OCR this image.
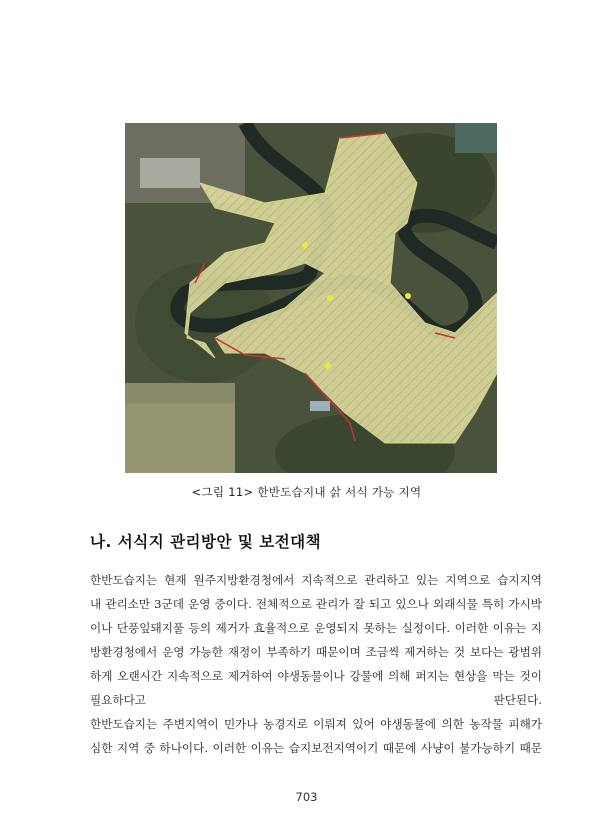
<그림 11> 한반도습지내 삵 서식 가능 지역
나. 서식지 관리방안 및 보전대책

한반도습지는 현재 원주지방환경청에서 지속적으로 관리하고 있는 지역으로 습지지역
내 관리소만 3군데 운영 중이다. 전체적으로 관리가 잘 되고 있으나 외래식물 특히 가시박
이나 단풍잎돼지풀 등의 제거가 효율적으로 운영되지 못하는 실정이다. 이러한 이유는 지
방환경청에서 운영 가능한 재정이 부족하기 때문이며 조금씩 제거하는 것 보다는 광범위
하게 오랜시간 지속적으로 제거하여 야생동물이나 강물에 의해 퍼지는 현상을 막는 것이
필요하다고 판단된다.

한반도습지는 주변지역이 민가나 농경지로 이뤄져 있어 야생동물에 의한 농작물 피해가
심한 지역 중 하나이다. 이러한 이유는 습지보전지역이기 때문에 사냥이 불가능하기 때문

703
